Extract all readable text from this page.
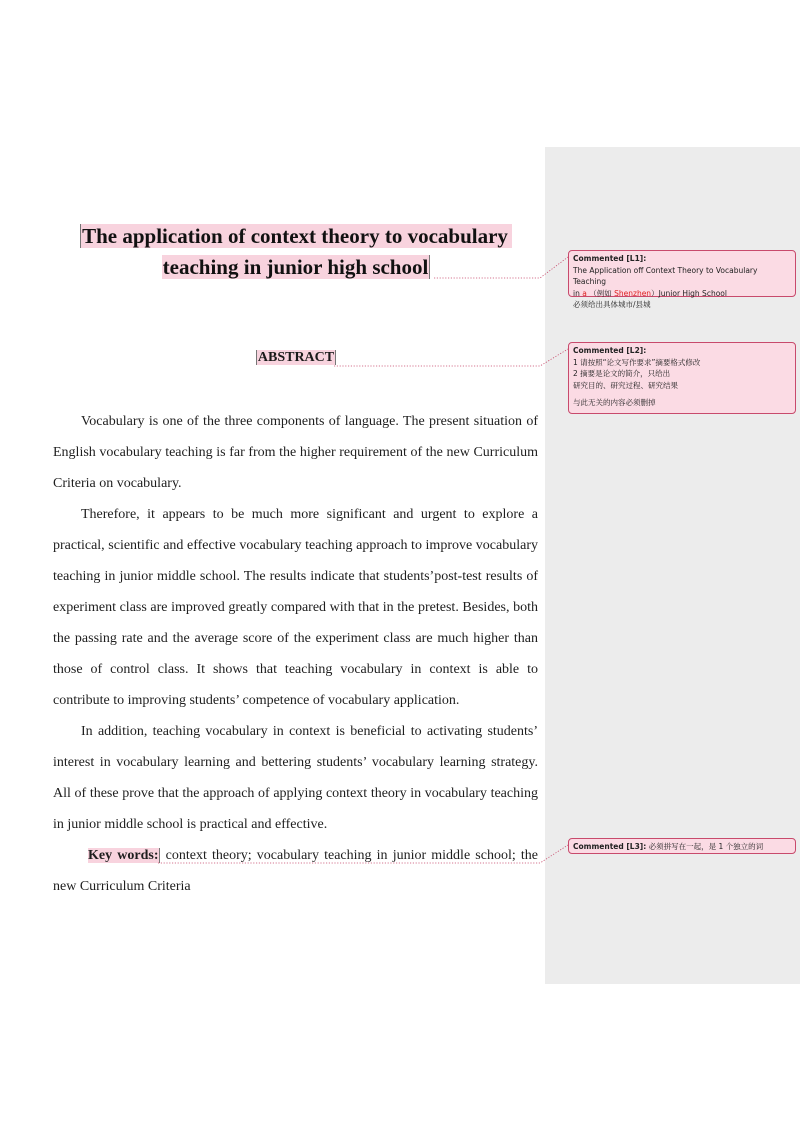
The application of context theory to vocabulary
teaching in junior high school
ABSTRACT

Vocabulary is one of the three components of language. The present situation of English vocabulary teaching is far from the higher requirement of the new Curriculum Criteria on vocabulary.

Therefore, it appears to be much more significant and urgent to explore a practical, scientific and effective vocabulary teaching approach to improve vocabulary teaching in junior middle school. The results indicate that students’post-test results of experiment class are improved greatly compared with that in the pretest. Besides, both the passing rate and the average score of the experiment class are much higher than those of control class. It shows that teaching vocabulary in context is able to contribute to improving students’ competence of vocabulary application.

In addition, teaching vocabulary in context is beneficial to activating students’ interest in vocabulary learning and bettering students’ vocabulary learning strategy. All of these prove that the approach of applying context theory in vocabulary teaching in junior middle school is practical and effective.

Key words: context theory; vocabulary teaching in junior middle school; the new Curriculum Criteria

Commented [L1]:
The Application off Context Theory to Vocabulary Teaching
in a （例如 Shenzhen）Junior High School
必须给出具体城市/县城
Commented [L2]:
1 请按照“论文写作要求”摘要格式修改
2 摘要是论文的简介，只给出
研究目的、研究过程、研究结果
与此无关的内容必须删掉
Commented [L3]: 必须拼写在一起，是 1 个独立的词
